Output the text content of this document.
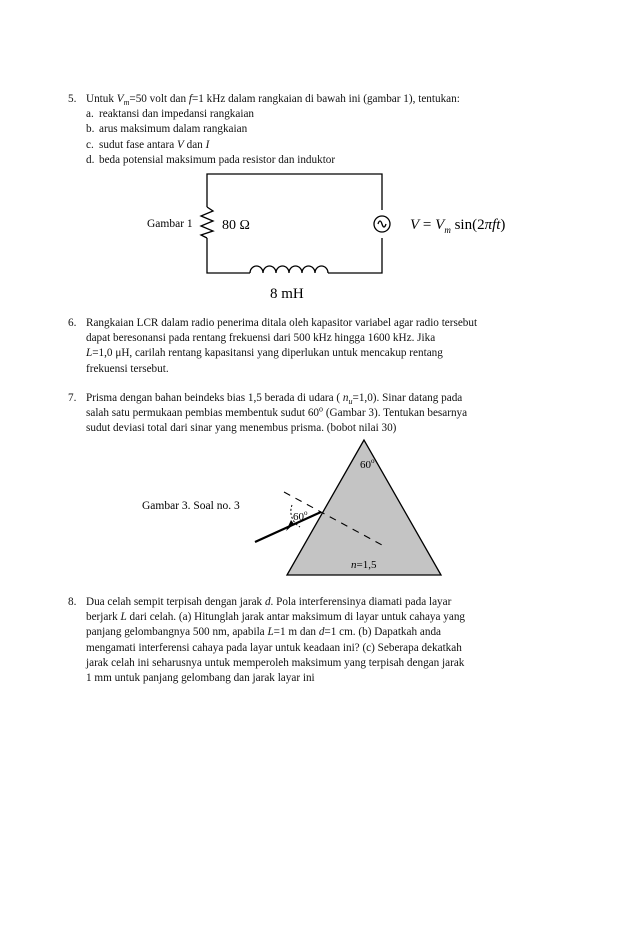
5. Untuk $V_m=50$ volt dan f=1 kHz dalam rangkaian di bawah ini (gambar 1), tentukan:
a. reaktansi dan impedansi rangkaian
b. arus maksimum dalam rangkaian
c. sudut fase antara V dan I
d. beda potensial maksimum pada resistor dan induktor
Gambar 1 80 Ω
8 mH
$V = V_m$ sin(2πft)
6. Rangkaian LCR dalam radio penerima ditala oleh kapasitor variabel agar radio tersebut
dapat beresonansi pada rentang frekuensi dari 500 kHz hingga 1600 kHz. Jika
L=1,0 μH, carilah rentang kapasitansi yang diperlukan untuk mencakup rentang
frekuensi tersebut.
7. Prisma dengan bahan beindeks bias 1,5 berada di udara ( $n_u=1,0$). Sinar datang pada
salah satu permukaan pembias membentuk sudut 60$^o$ (Gambar 3). Tentukan besarnya
sudut deviasi total dari sinar yang menembus prisma. (bobot nilai 30)
Gambar 3. Soal no. 3
60$^o$
60$^o$
n=1,5
8. Dua celah sempit terpisah dengan jarak d. Pola interferensinya diamati pada layar
berjark L dari celah. (a) Hitunglah jarak antar maksimum di layar untuk cahaya yang
panjang gelombangnya 500 nm, apabila L=1 m dan d=1 cm. (b) Dapatkah anda
mengamati interferensi cahaya pada layar untuk keadaan ini? (c) Seberapa dekatkah
jarak celah ini seharusnya untuk memperoleh maksimum yang terpisah dengan jarak
1 mm untuk panjang gelombang dan jarak layar ini
